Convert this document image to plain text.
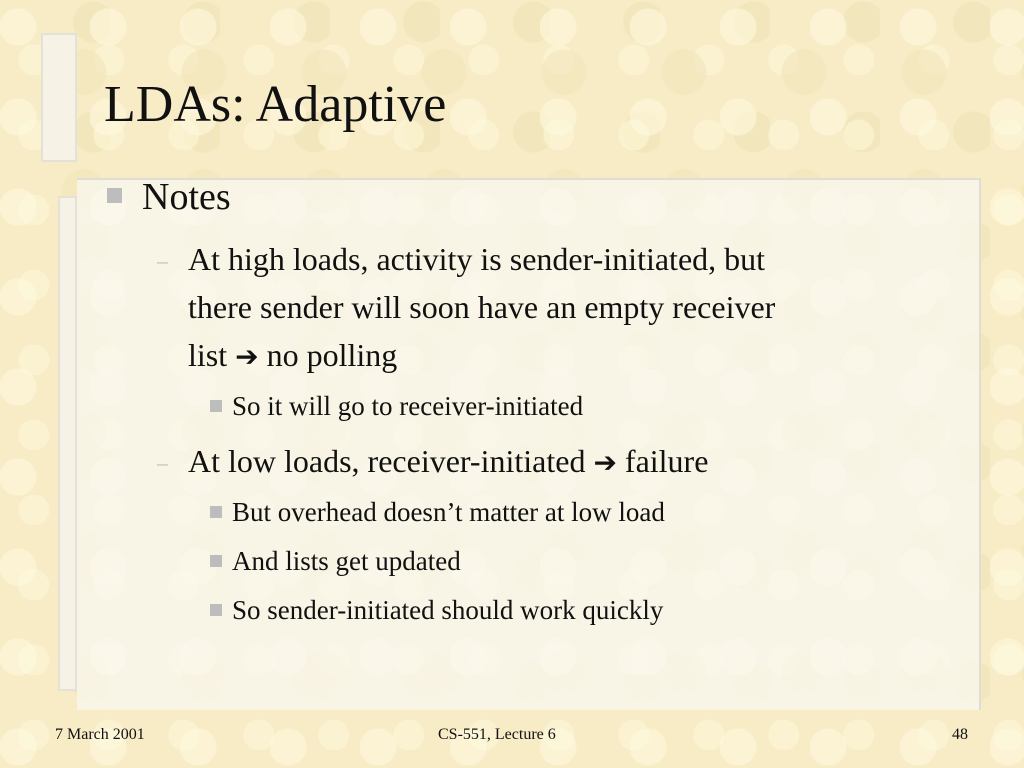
LDAs: Adaptive
Notes
– At high loads, activity is sender-initiated, but
there sender will soon have an empty receiver
list ➔ no polling
So it will go to receiver-initiated
– At low loads, receiver-initiated ➔ failure
But overhead doesn’t matter at low load
And lists get updated
So sender-initiated should work quickly
7 March 2001	CS-551, Lecture 6	48
